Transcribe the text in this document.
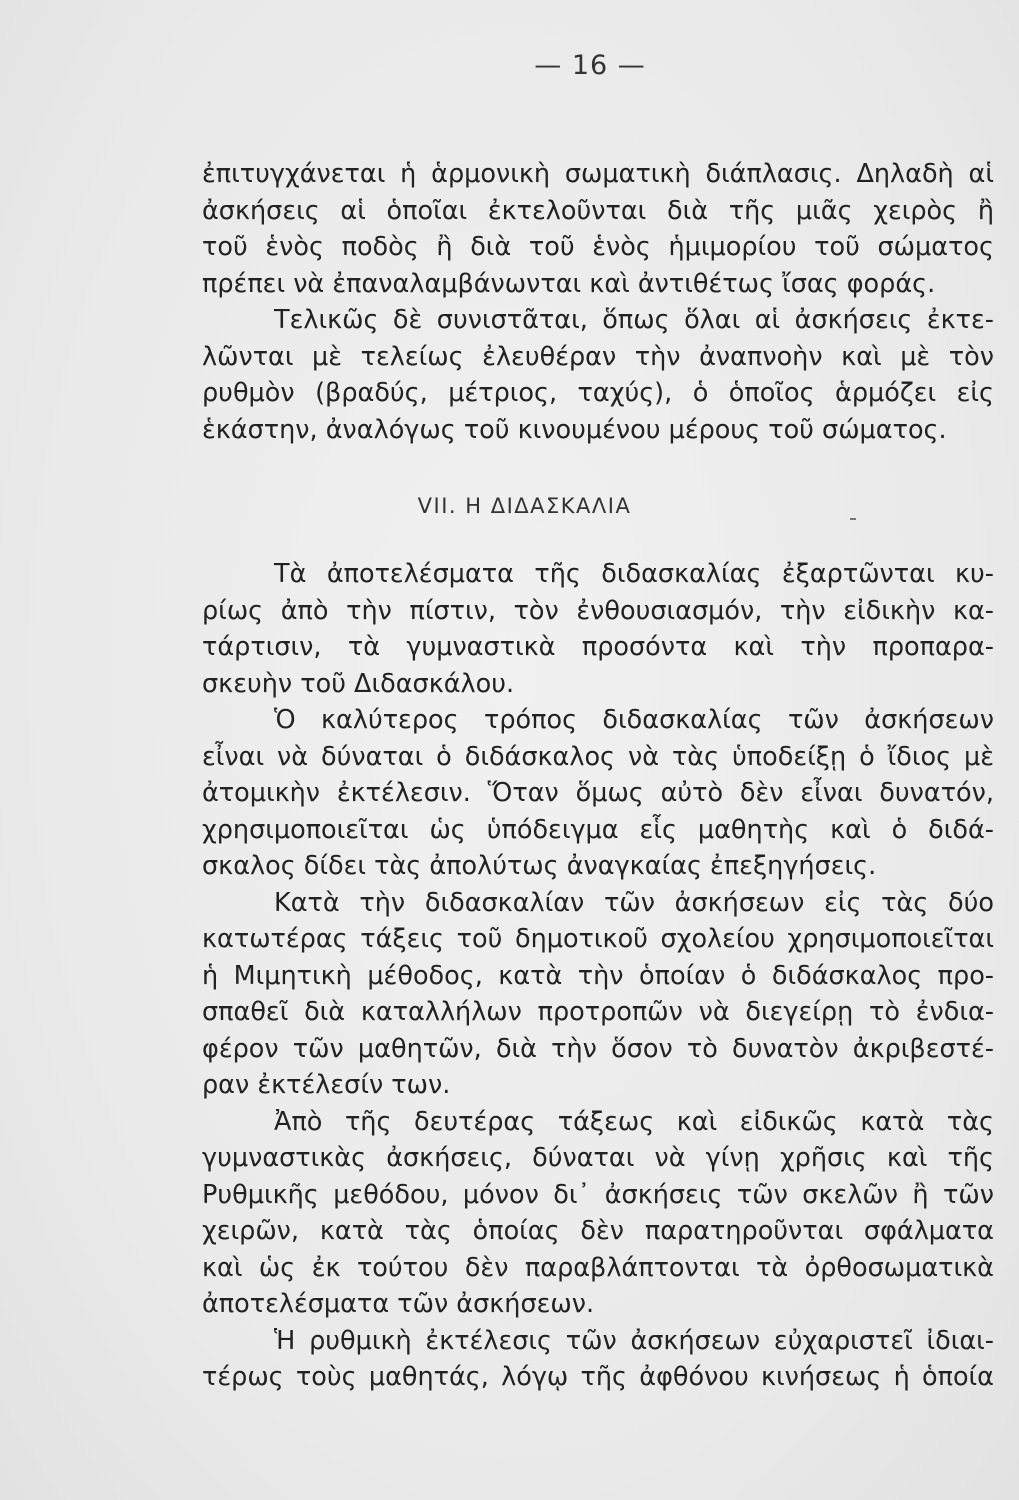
— 16 —
ἐπιτυγχάνεται ἡ ἁρμονικὴ σωματικὴ διάπλασις. Δηλαδὴ αἱ
ἀσκήσεις αἱ ὁποῖαι ἐκτελοῦνται διὰ τῆς μιᾶς χειρὸς ἢ
τοῦ ἑνὸς ποδὸς ἢ διὰ τοῦ ἑνὸς ἡμιμορίου τοῦ σώματος
πρέπει νὰ ἐπαναλαμβάνωνται καὶ ἀντιθέτως ἴσας φοράς.
Τελικῶς δὲ συνιστᾶται, ὅπως ὅλαι αἱ ἀσκήσεις ἐκτε-
λῶνται μὲ τελείως ἐλευθέραν τὴν ἀναπνοὴν καὶ μὲ τὸν
ρυθμὸν (βραδύς, μέτριος, ταχύς), ὁ ὁποῖος ἁρμόζει εἰς
ἑκάστην, ἀναλόγως τοῦ κινουμένου μέρους τοῦ σώματος.
VII. Η ΔΙΔΑΣΚΑΛΙΑ
Τὰ ἀποτελέσματα τῆς διδασκαλίας ἐξαρτῶνται κυ-
ρίως ἀπὸ τὴν πίστιν, τὸν ἐνθουσιασμόν, τὴν εἰδικὴν κα-
τάρτισιν, τὰ γυμναστικὰ προσόντα καὶ τὴν προπαρα-
σκευὴν τοῦ Διδασκάλου.
Ὁ καλύτερος τρόπος διδασκαλίας τῶν ἀσκήσεων
εἶναι νὰ δύναται ὁ διδάσκαλος νὰ τὰς ὑποδείξῃ ὁ ἴδιος μὲ
ἀτομικὴν ἐκτέλεσιν. Ὅταν ὅμως αὐτὸ δὲν εἶναι δυνατόν,
χρησιμοποιεῖται ὡς ὑπόδειγμα εἷς μαθητὴς καὶ ὁ διδά-
σκαλος δίδει τὰς ἀπολύτως ἀναγκαίας ἐπεξηγήσεις.
Κατὰ τὴν διδασκαλίαν τῶν ἀσκήσεων εἰς τὰς δύο
κατωτέρας τάξεις τοῦ δημοτικοῦ σχολείου χρησιμοποιεῖται
ἡ Μιμητικὴ μέθοδος, κατὰ τὴν ὁποίαν ὁ διδάσκαλος προ-
σπαθεῖ διὰ καταλλήλων προτροπῶν νὰ διεγείρῃ τὸ ἐνδια-
φέρον τῶν μαθητῶν, διὰ τὴν ὅσον τὸ δυνατὸν ἀκριβεστέ-
ραν ἐκτέλεσίν των.
Ἀπὸ τῆς δευτέρας τάξεως καὶ εἰδικῶς κατὰ τὰς
γυμναστικὰς ἀσκήσεις, δύναται νὰ γίνῃ χρῆσις καὶ τῆς
Ρυθμικῆς μεθόδου, μόνον δι᾽ ἀσκήσεις τῶν σκελῶν ἢ τῶν
χειρῶν, κατὰ τὰς ὁποίας δὲν παρατηροῦνται σφάλματα
καὶ ὡς ἐκ τούτου δὲν παραβλάπτονται τὰ ὀρθοσωματικὰ
ἀποτελέσματα τῶν ἀσκήσεων.
Ἡ ρυθμικὴ ἐκτέλεσις τῶν ἀσκήσεων εὐχαριστεῖ ἰδιαι-
τέρως τοὺς μαθητάς, λόγῳ τῆς ἀφθόνου κινήσεως ἡ ὁποία
